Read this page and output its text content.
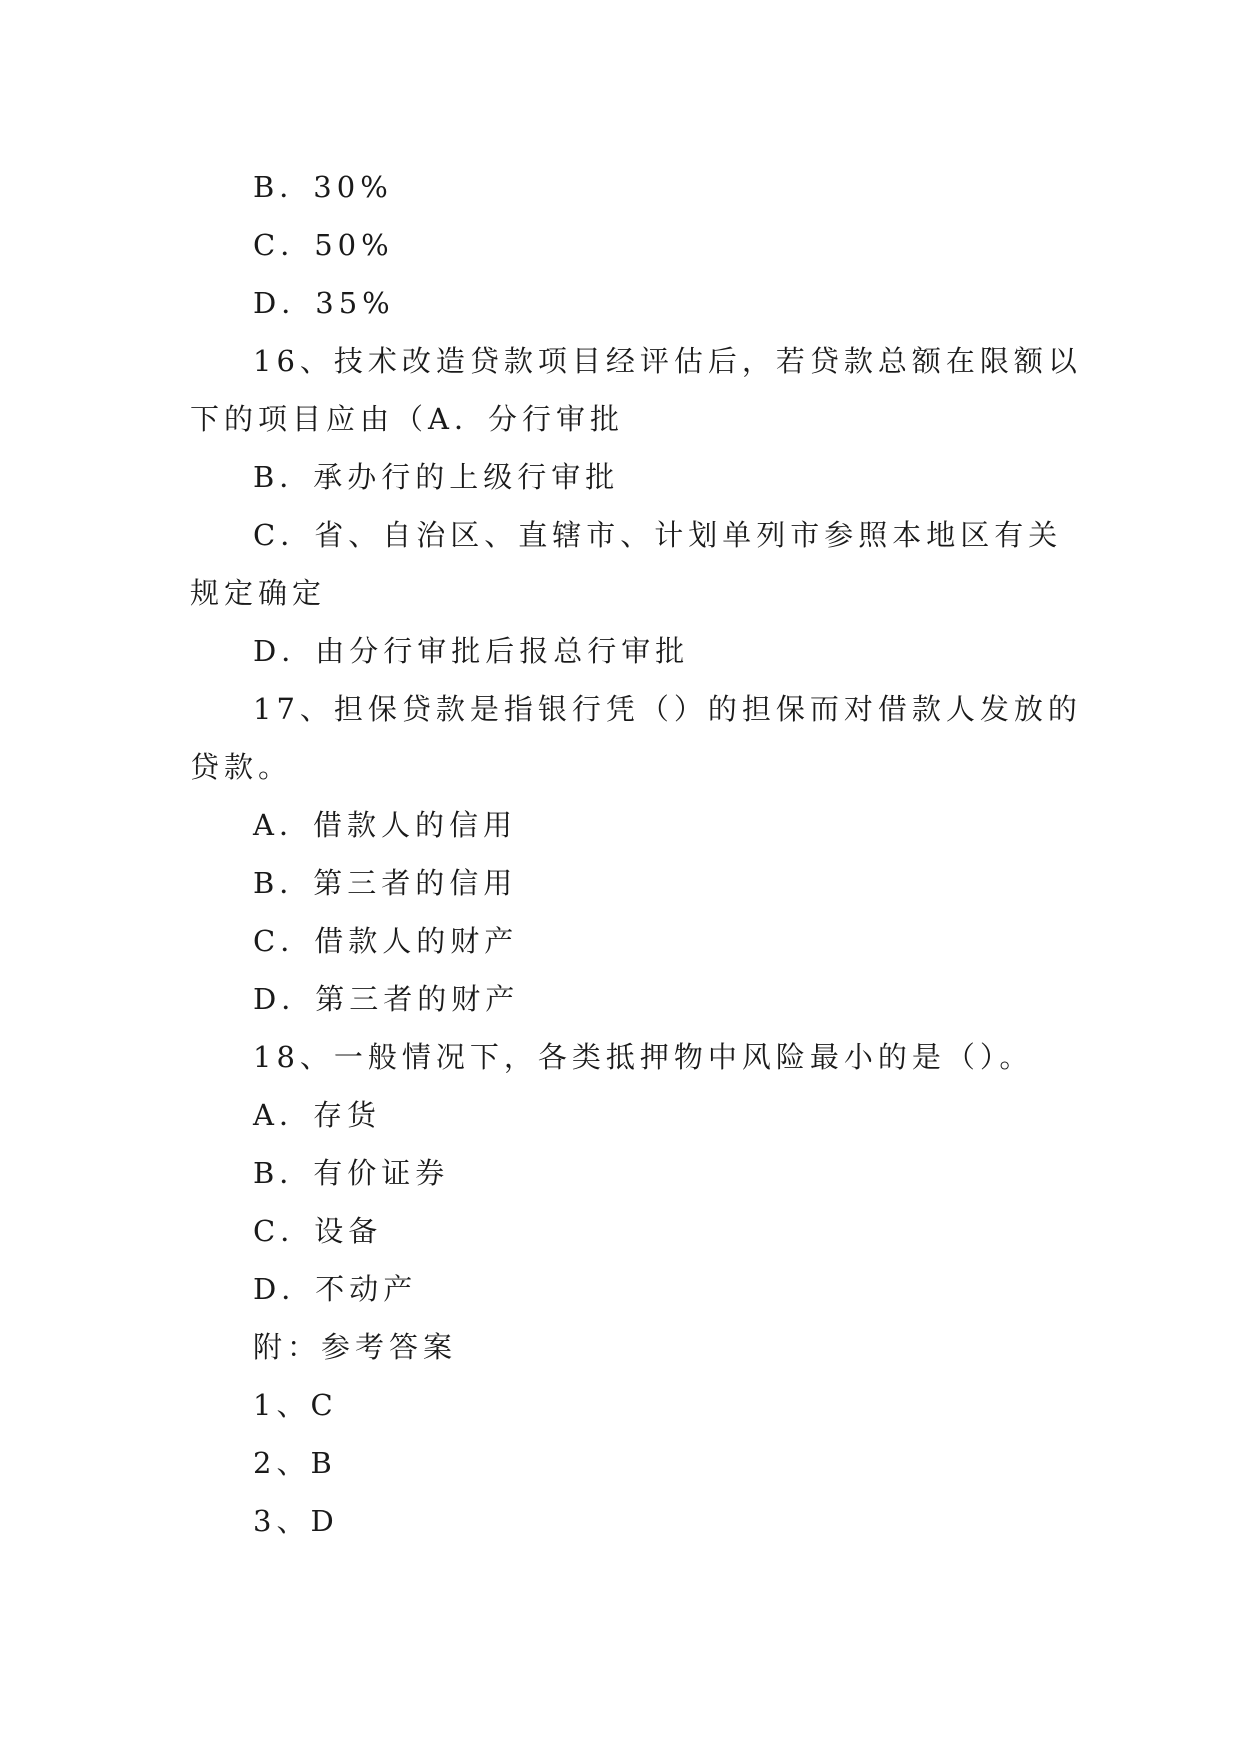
B．30%
C．50%
D．35%
16、技术改造贷款项目经评估后，若贷款总额在限额以
下的项目应由（A．分行审批
B．承办行的上级行审批
C．省、自治区、直辖市、计划单列市参照本地区有关
规定确定
D．由分行审批后报总行审批
17、担保贷款是指银行凭（）的担保而对借款人发放的
贷款。
A．借款人的信用
B．第三者的信用
C．借款人的财产
D．第三者的财产
18、一般情况下，各类抵押物中风险最小的是（）。
A．存货
B．有价证券
C．设备
D．不动产
附：参考答案
1、C
2、B
3、D
